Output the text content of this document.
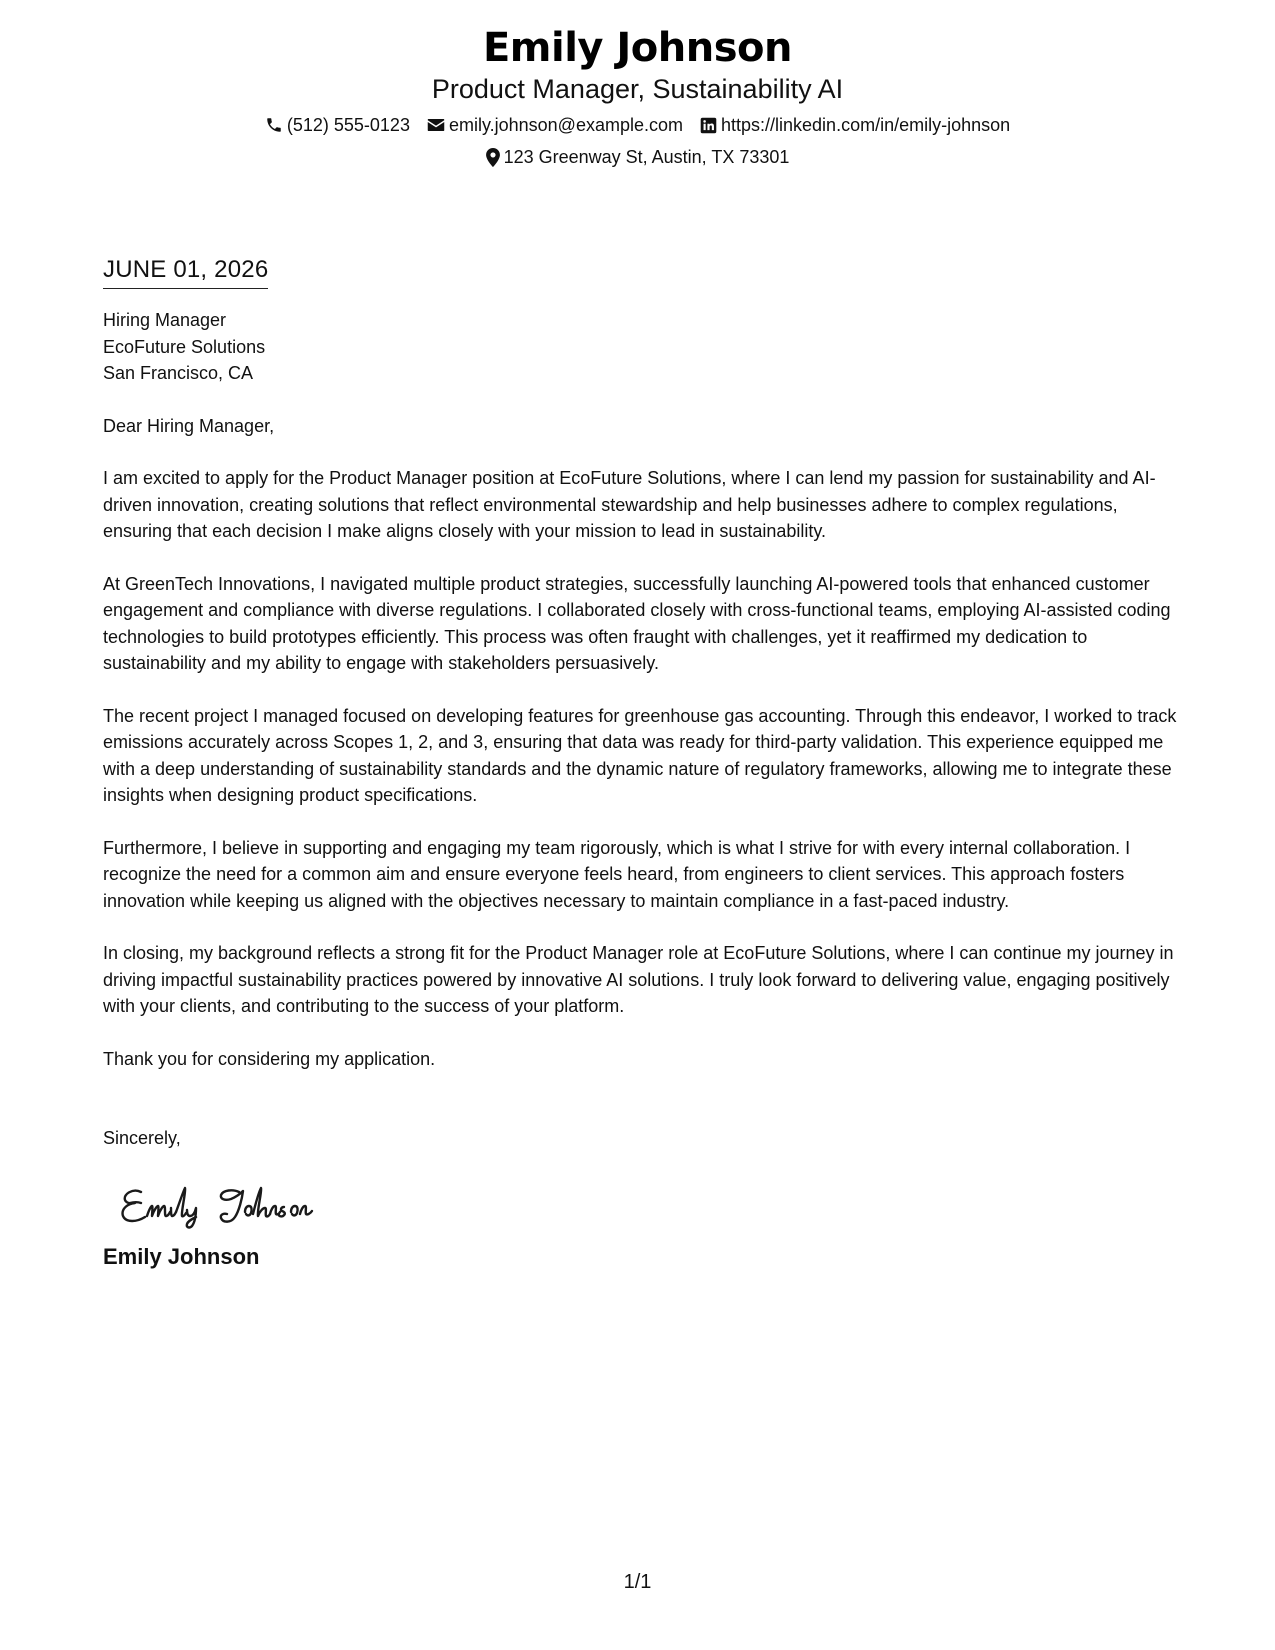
Emily Johnson
Product Manager, Sustainability AI
(512) 555-0123 emily.johnson@example.com https://linkedin.com/in/emily-johnson
123 Greenway St, Austin, TX 73301
JUNE 01, 2026
Hiring Manager
EcoFuture Solutions
San Francisco, CA
Dear Hiring Manager,

I am excited to apply for the Product Manager position at EcoFuture Solutions, where I can lend my passion for sustainability and AI-driven innovation, creating solutions that reflect environmental stewardship and help businesses adhere to complex regulations, ensuring that each decision I make aligns closely with your mission to lead in sustainability.

At GreenTech Innovations, I navigated multiple product strategies, successfully launching AI-powered tools that enhanced customer engagement and compliance with diverse regulations. I collaborated closely with cross-functional teams, employing AI-assisted coding technologies to build prototypes efficiently. This process was often fraught with challenges, yet it reaffirmed my dedication to sustainability and my ability to engage with stakeholders persuasively.

The recent project I managed focused on developing features for greenhouse gas accounting. Through this endeavor, I worked to track emissions accurately across Scopes 1, 2, and 3, ensuring that data was ready for third-party validation. This experience equipped me with a deep understanding of sustainability standards and the dynamic nature of regulatory frameworks, allowing me to integrate these insights when designing product specifications.

Furthermore, I believe in supporting and engaging my team rigorously, which is what I strive for with every internal collaboration. I recognize the need for a common aim and ensure everyone feels heard, from engineers to client services. This approach fosters innovation while keeping us aligned with the objectives necessary to maintain compliance in a fast-paced industry.

In closing, my background reflects a strong fit for the Product Manager role at EcoFuture Solutions, where I can continue my journey in driving impactful sustainability practices powered by innovative AI solutions. I truly look forward to delivering value, engaging positively with your clients, and contributing to the success of your platform.

Thank you for considering my application.

Sincerely,
Emily Johnson
1/1
